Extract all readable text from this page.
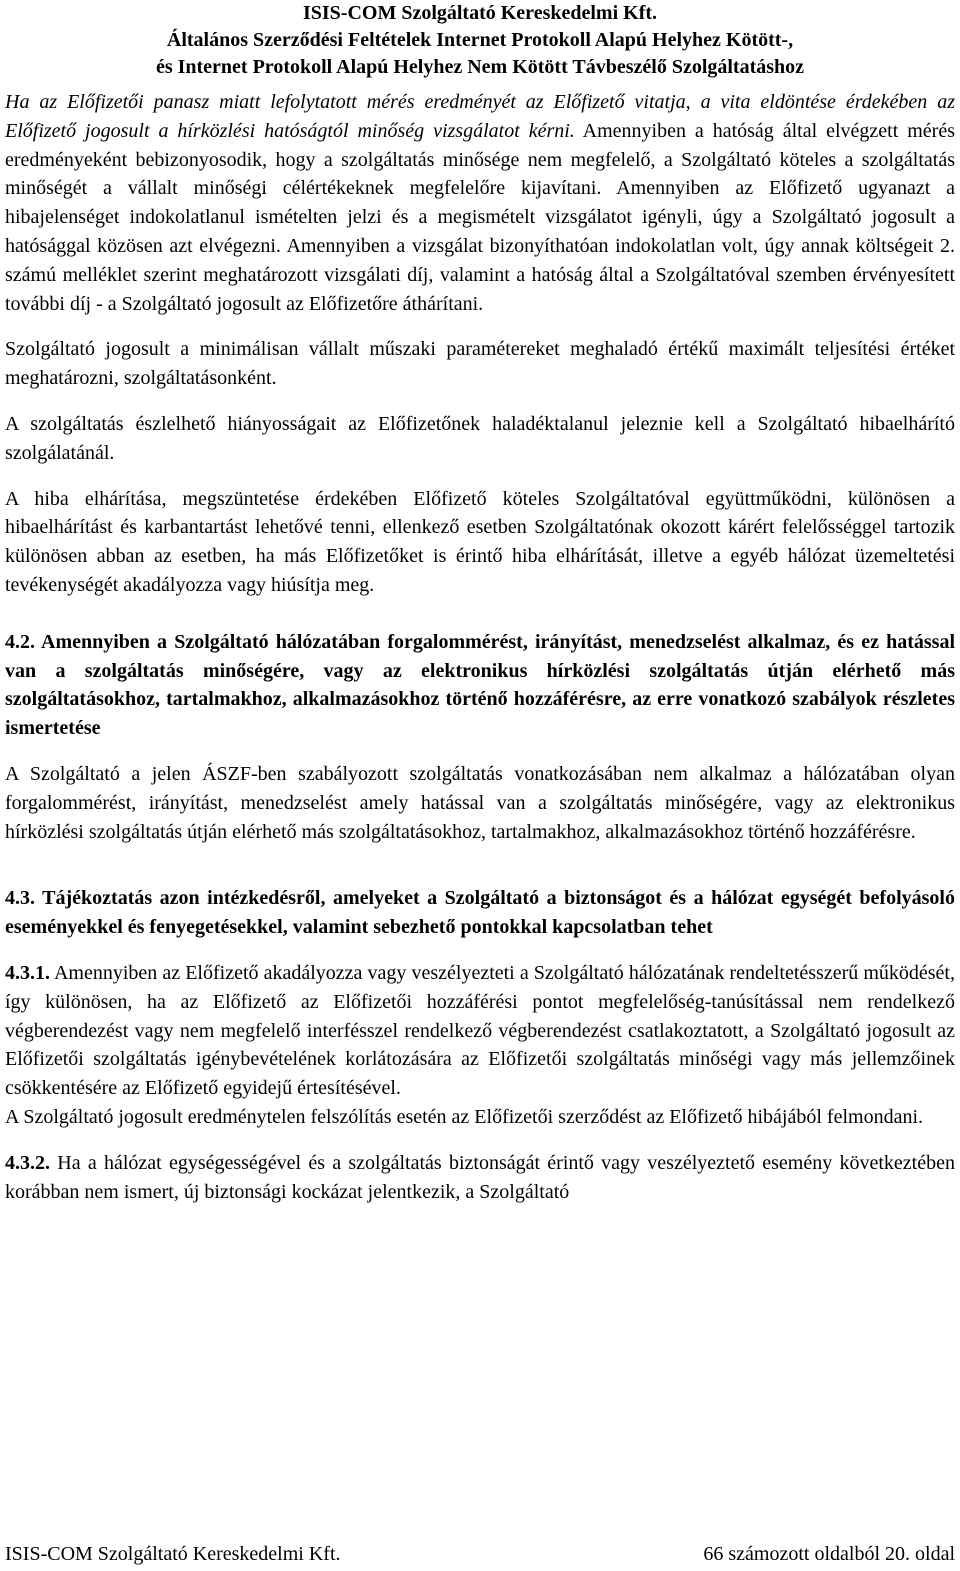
ISIS-COM Szolgáltató Kereskedelmi Kft.
Általános Szerződési Feltételek Internet Protokoll Alapú Helyhez Kötött-,
és Internet Protokoll Alapú Helyhez Nem Kötött Távbeszélő Szolgáltatáshoz

Ha az Előfizetői panasz miatt lefolytatott mérés eredményét az Előfizető vitatja, a vita eldöntése érdekében az Előfizető jogosult a hírközlési hatóságtól minőség vizsgálatot kérni. Amennyiben a hatóság által elvégzett mérés eredményeként bebizonyosodik, hogy a szolgáltatás minősége nem megfelelő, a Szolgáltató köteles a szolgáltatás minőségét a vállalt minőségi célértékeknek megfelelőre kijavítani. Amennyiben az Előfizető ugyanazt a hibajelenséget indokolatlanul ismételten jelzi és a megismételt vizsgálatot igényli, úgy a Szolgáltató jogosult a hatósággal közösen azt elvégezni. Amennyiben a vizsgálat bizonyíthatóan indokolatlan volt, úgy annak költségeit 2. számú melléklet szerint meghatározott vizsgálati díj, valamint a hatóság által a Szolgáltatóval szemben érvényesített további díj - a Szolgáltató jogosult az Előfizetőre áthárítani.

Szolgáltató jogosult a minimálisan vállalt műszaki paramétereket meghaladó értékű maximált teljesítési értéket meghatározni, szolgáltatásonként.

A szolgáltatás észlelhető hiányosságait az Előfizetőnek haladéktalanul jeleznie kell a Szolgáltató hibaelhárító szolgálatánál.

A hiba elhárítása, megszüntetése érdekében Előfizető köteles Szolgáltatóval együttműködni, különösen a hibaelhárítást és karbantartást lehetővé tenni, ellenkező esetben Szolgáltatónak okozott kárért felelősséggel tartozik különösen abban az esetben, ha más Előfizetőket is érintő hiba elhárítását, illetve a egyéb hálózat üzemeltetési tevékenységét akadályozza vagy hiúsítja meg.

4.2. Amennyiben a Szolgáltató hálózatában forgalommérést, irányítást, menedzselést alkalmaz, és ez hatással van a szolgáltatás minőségére, vagy az elektronikus hírközlési szolgáltatás útján elérhető más szolgáltatásokhoz, tartalmakhoz, alkalmazásokhoz történő hozzáférésre, az erre vonatkozó szabályok részletes ismertetése

A Szolgáltató a jelen ÁSZF-ben szabályozott szolgáltatás vonatkozásában nem alkalmaz a hálózatában olyan forgalommérést, irányítást, menedzselést amely hatással van a szolgáltatás minőségére, vagy az elektronikus hírközlési szolgáltatás útján elérhető más szolgáltatásokhoz, tartalmakhoz, alkalmazásokhoz történő hozzáférésre.

4.3. Tájékoztatás azon intézkedésről, amelyeket a Szolgáltató a biztonságot és a hálózat egységét befolyásoló eseményekkel és fenyegetésekkel, valamint sebezhető pontokkal kapcsolatban tehet

4.3.1. Amennyiben az Előfizető akadályozza vagy veszélyezteti a Szolgáltató hálózatának rendeltetésszerű működését, így különösen, ha az Előfizető az Előfizetői hozzáférési pontot megfelelőség-tanúsítással nem rendelkező végberendezést vagy nem megfelelő interfésszel rendelkező végberendezést csatlakoztatott, a Szolgáltató jogosult az Előfizetői szolgáltatás igénybevételének korlátozására az Előfizetői szolgáltatás minőségi vagy más jellemzőinek csökkentésére az Előfizető egyidejű értesítésével.

A Szolgáltató jogosult eredménytelen felszólítás esetén az Előfizetői szerződést az Előfizető hibájából felmondani.

4.3.2. Ha a hálózat egységességével és a szolgáltatás biztonságát érintő vagy veszélyeztető esemény következtében korábban nem ismert, új biztonsági kockázat jelentkezik, a Szolgáltató

ISIS-COM Szolgáltató Kereskedelmi Kft.	66 számozott oldalból 20. oldal
